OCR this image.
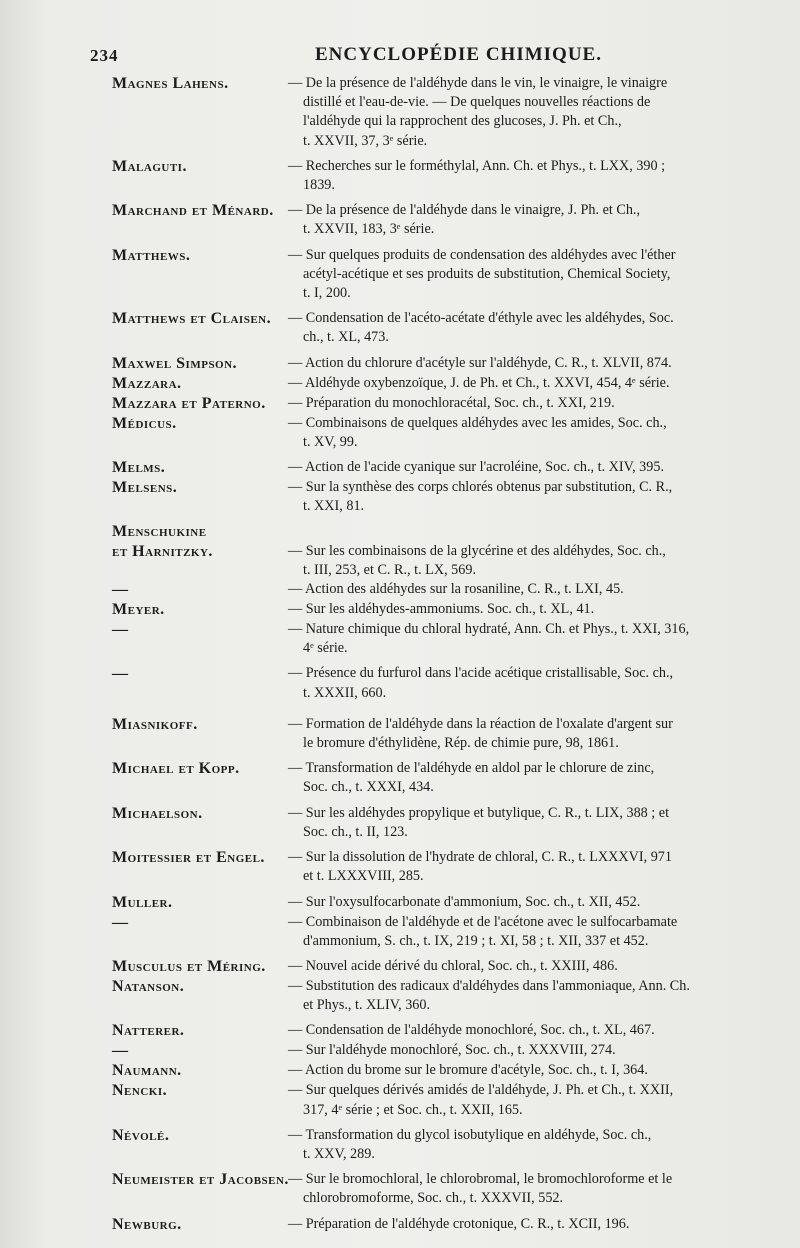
234	ENCYCLOPÉDIE CHIMIQUE.
Magnes Lahens.	— De la présence de l'aldéhyde dans le vin, le vinaigre, le vinaigre
distillé et l'eau-de-vie. — De quelques nouvelles réactions de
l'aldéhyde qui la rapprochent des glucoses, J. Ph. et Ch.,
t. XXVII, 37, 3ᵉ série.
Malaguti.	— Recherches sur le forméthylal, Ann. Ch. et Phys., t. LXX, 390 ;
1839.
Marchand et Ménard.	— De la présence de l'aldéhyde dans le vinaigre, J. Ph. et Ch.,
t. XXVII, 183, 3ᵉ série.
Matthews.	— Sur quelques produits de condensation des aldéhydes avec l'éther
acétyl-acétique et ses produits de substitution, Chemical Society,
t. I, 200.
Matthews et Claisen.	— Condensation de l'acéto-acétate d'éthyle avec les aldéhydes, Soc.
ch., t. XL, 473.
Maxwel Simpson.	— Action du chlorure d'acétyle sur l'aldéhyde, C. R., t. XLVII, 874.
Mazzara.	— Aldéhyde oxybenzoïque, J. de Ph. et Ch., t. XXVI, 454, 4ᵉ série.
Mazzara et Paterno.	— Préparation du monochloracétal, Soc. ch., t. XXI, 219.
Médicus.	— Combinaisons de quelques aldéhydes avec les amides, Soc. ch.,
t. XV, 99.
Melms.	— Action de l'acide cyanique sur l'acroléine, Soc. ch., t. XIV, 395.
Melsens.	— Sur la synthèse des corps chlorés obtenus par substitution, C. R.,
t. XXI, 81.
Menschukine
et Harnitzky.
	— Sur les combinaisons de la glycérine et des aldéhydes, Soc. ch.,
t. III, 253, et C. R., t. LX, 569.
—	— Action des aldéhydes sur la rosaniline, C. R., t. LXI, 45.
Meyer.	— Sur les aldéhydes-ammoniums. Soc. ch., t. XL, 41.
—	— Nature chimique du chloral hydraté, Ann. Ch. et Phys., t. XXI, 316,
4ᵉ série.
—	— Présence du furfurol dans l'acide acétique cristallisable, Soc. ch.,
t. XXXII, 660.
Miasnikoff.	— Formation de l'aldéhyde dans la réaction de l'oxalate d'argent sur
le bromure d'éthylidène, Rép. de chimie pure, 98, 1861.
Michael et Kopp.	— Transformation de l'aldéhyde en aldol par le chlorure de zinc,
Soc. ch., t. XXXI, 434.
Michaelson.	— Sur les aldéhydes propylique et butylique, C. R., t. LIX, 388 ; et
Soc. ch., t. II, 123.
Moitessier et Engel.	— Sur la dissolution de l'hydrate de chloral, C. R., t. LXXXVI, 971
et t. LXXXVIII, 285.
Muller.	— Sur l'oxysulfocarbonate d'ammonium, Soc. ch., t. XII, 452.
—	— Combinaison de l'aldéhyde et de l'acétone avec le sulfocarbamate
d'ammonium, S. ch., t. IX, 219 ; t. XI, 58 ; t. XII, 337 et 452.
Musculus et Méring.	— Nouvel acide dérivé du chloral, Soc. ch., t. XXIII, 486.
Natanson.	— Substitution des radicaux d'aldéhydes dans l'ammoniaque, Ann. Ch.
et Phys., t. XLIV, 360.
Natterer.	— Condensation de l'aldéhyde monochloré, Soc. ch., t. XL, 467.
—	— Sur l'aldéhyde monochloré, Soc. ch., t. XXXVIII, 274.
Naumann.	— Action du brome sur le bromure d'acétyle, Soc. ch., t. I, 364.
Nencki.	— Sur quelques dérivés amidés de l'aldéhyde, J. Ph. et Ch., t. XXII,
317, 4ᵉ série ; et Soc. ch., t. XXII, 165.
Névolé.	— Transformation du glycol isobutylique en aldéhyde, Soc. ch.,
t. XXV, 289.
Neumeister et Jacobsen. — Sur le bromochloral, le chlorobromal, le bromochloroforme et le
chlorobromoforme, Soc. ch., t. XXXVII, 552.
Newburg.	— Préparation de l'aldéhyde crotonique, C. R., t. XCII, 196.
